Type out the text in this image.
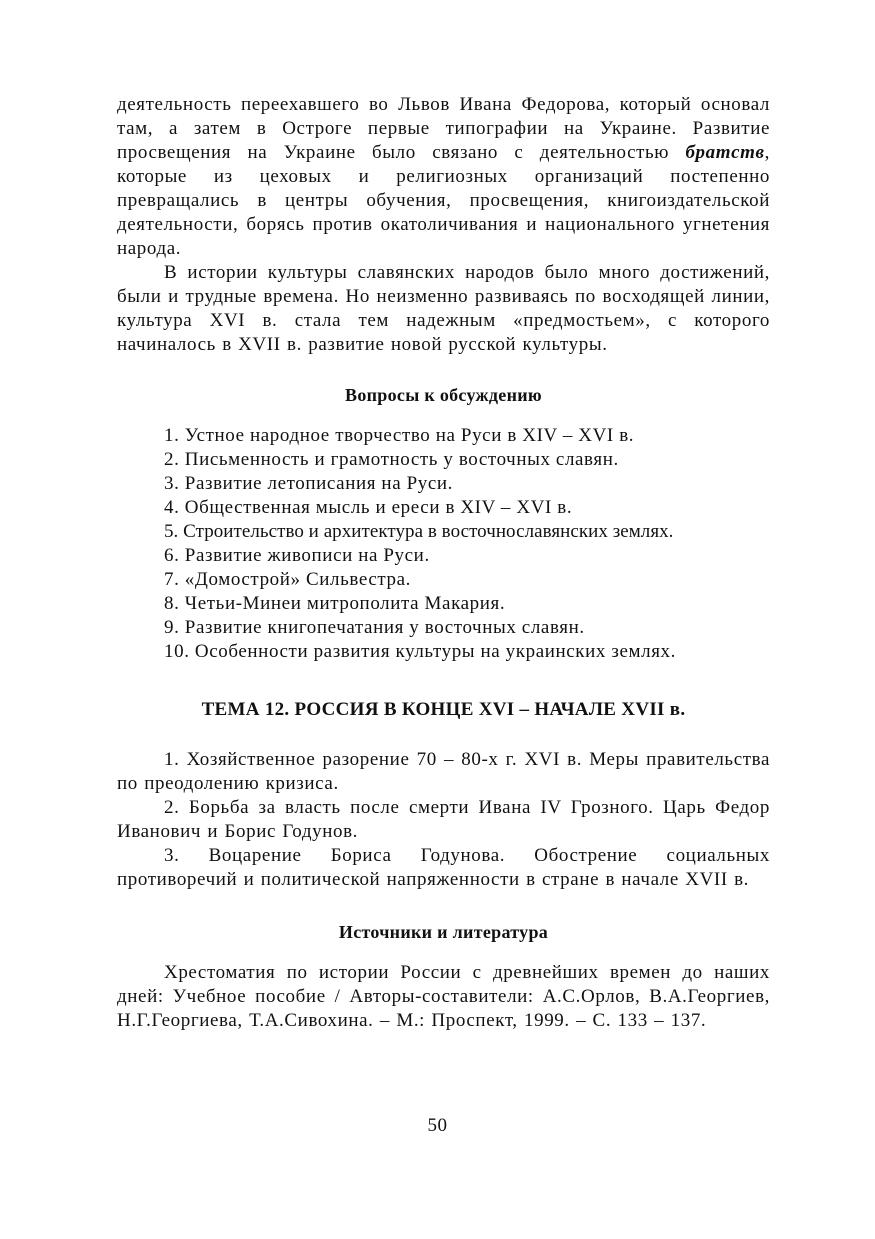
деятельность переехавшего во Львов Ивана Федорова, который основал там, а затем в Остроге первые типографии на Украине. Развитие просвещения на Украине было связано с деятельностью братств, которые из цеховых и религиозных организаций постепенно превращались в центры обучения, просвещения, книгоиздательской деятельности, борясь против окатоличивания и национального угнетения народа.

В истории культуры славянских народов было много достижений, были и трудные времена. Но неизменно развиваясь по восходящей линии, культура XVI в. стала тем надежным «предмостьем», с которого начиналось в XVII в. развитие новой русской культуры.

Вопросы к обсуждению
1. Устное народное творчество на Руси в XIV – XVI в.
2. Письменность и грамотность у восточных славян.
3. Развитие летописания на Руси.
4. Общественная мысль и ереси в XIV – XVI в.
5. Строительство и архитектура в восточнославянских землях.
6. Развитие живописи на Руси.
7. «Домострой» Сильвестра.
8. Четьи-Минеи митрополита Макария.
9. Развитие книгопечатания у восточных славян.
10. Особенности развития культуры на украинских землях.
ТЕМА 12. РОССИЯ В КОНЦЕ XVI – НАЧАЛЕ XVII в.

1. Хозяйственное разорение 70 – 80-х г. XVI в. Меры правительства по преодолению кризиса.

2. Борьба за власть после смерти Ивана IV Грозного. Царь Федор Иванович и Борис Годунов.

3. Воцарение Бориса Годунова. Обострение социальных противоречий и политической напряженности в стране в начале XVII в.

Источники и литература

Хрестоматия по истории России с древнейших времен до наших дней: Учебное пособие / Авторы-составители: А.С.Орлов, В.А.Георгиев, Н.Г.Георгиева, Т.А.Сивохина. – М.: Проспект, 1999. – С. 133 – 137.

50
